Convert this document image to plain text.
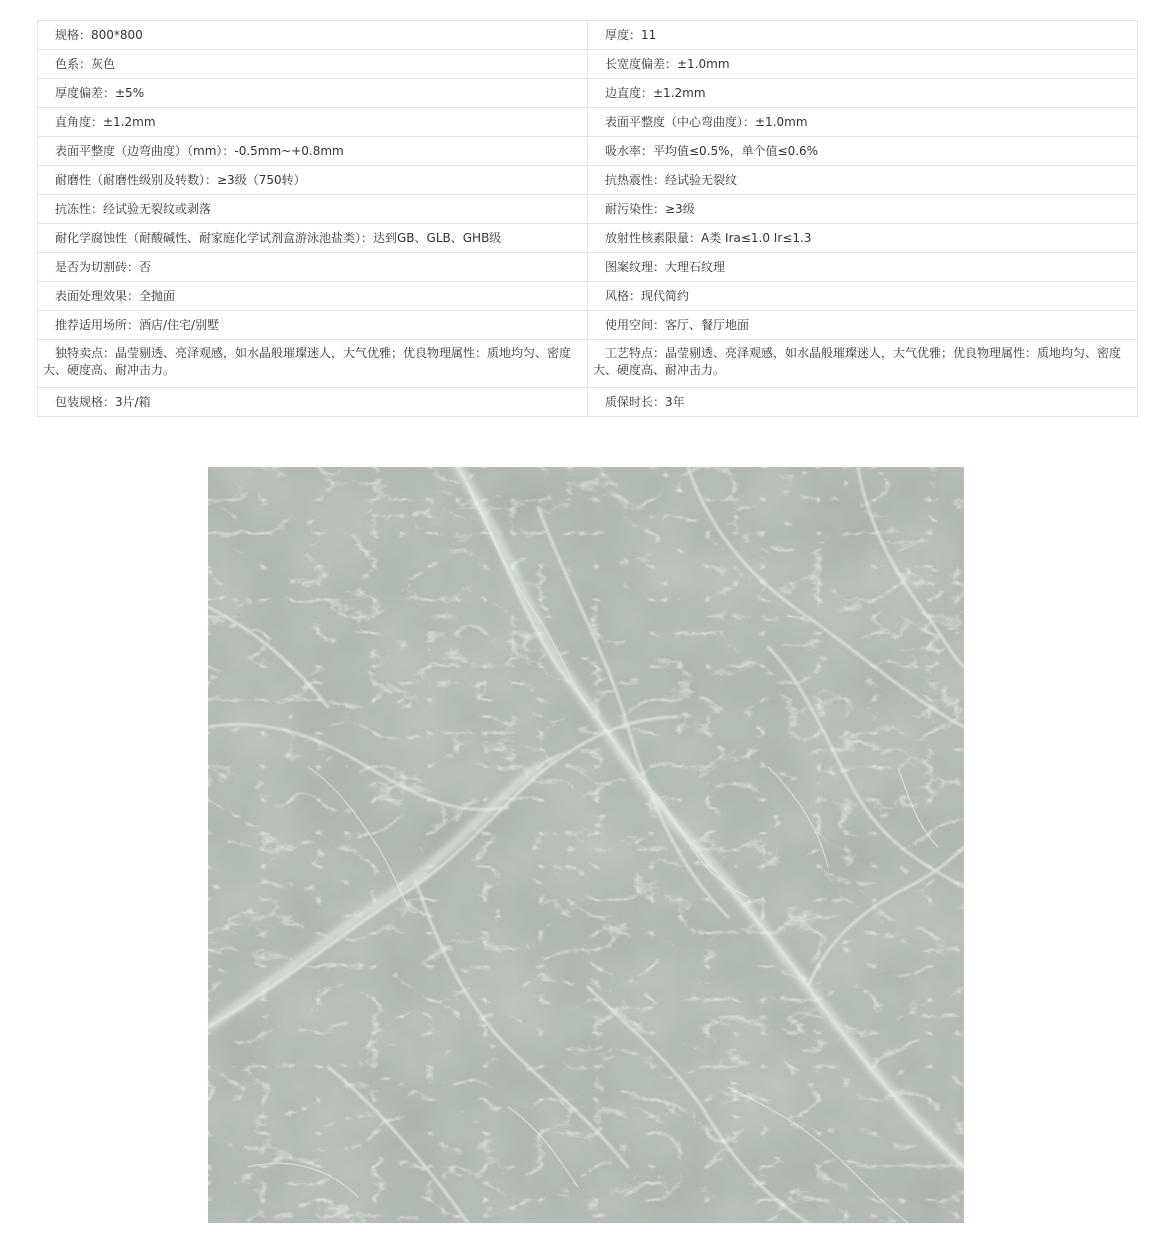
规格：800*800	厚度：11
色系：灰色	长宽度偏差：±1.0mm
厚度偏差：±5%	边直度：±1.2mm
直角度：±1.2mm	表面平整度（中心弯曲度）：±1.0mm
表面平整度（边弯曲度）（mm）：-0.5mm~+0.8mm	吸水率：平均值≤0.5%，单个值≤0.6%
耐磨性（耐磨性级别及转数）：≥3级（750转）	抗热震性：经试验无裂纹
抗冻性：经试验无裂纹或剥落	耐污染性：≥3级
耐化学腐蚀性（耐酸碱性、耐家庭化学试剂盒游泳池盐类）：达到GB、GLB、GHB级	放射性核素限量：A类 Ira≤1.0 Ir≤1.3
是否为切割砖：否	图案纹理：大理石纹理
表面处理效果：全抛面	风格：现代简约
推荐适用场所：酒店/住宅/别墅	使用空间：客厅、餐厅地面
独特卖点：晶莹剔透、亮泽观感，如水晶般璀璨迷人，大气优雅；优良物理属性：质地均匀、密度大、硬度高、耐冲击力。	工艺特点：晶莹剔透、亮泽观感，如水晶般璀璨迷人，大气优雅；优良物理属性：质地均匀、密度大、硬度高、耐冲击力。
包装规格：3片/箱	质保时长：3年
